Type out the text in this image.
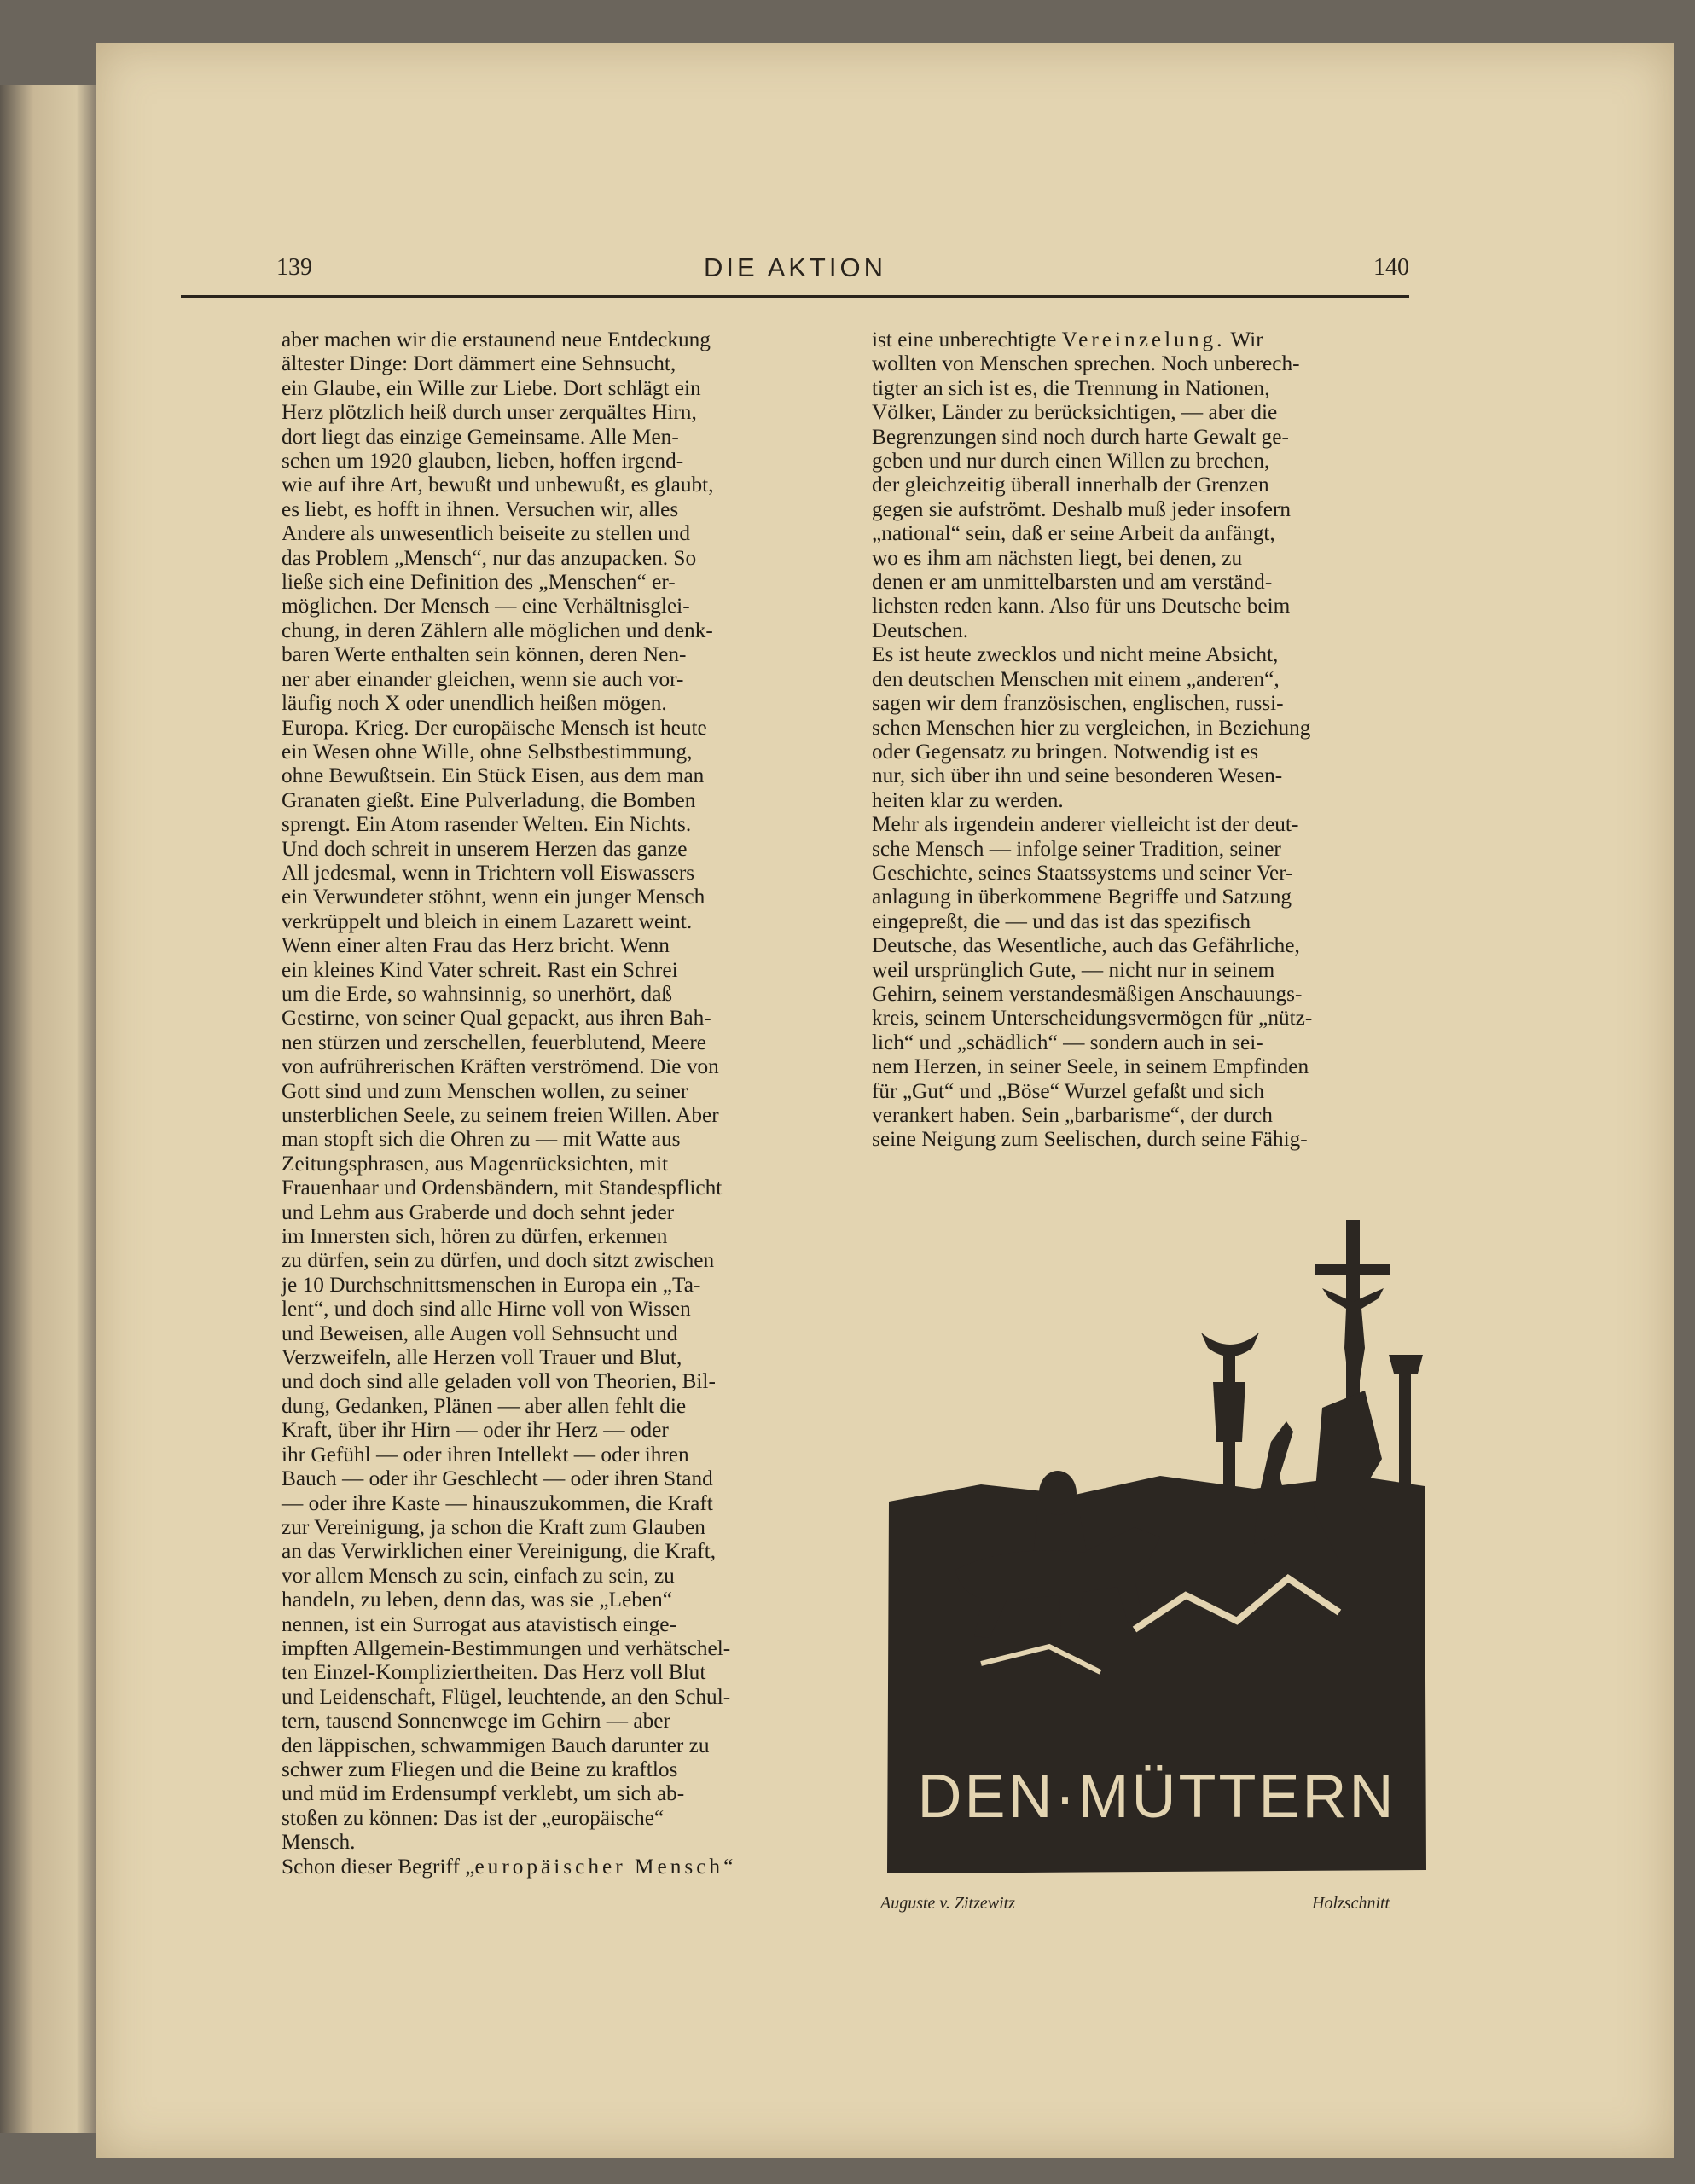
139	DIE AKTION	140
aber machen wir die erstaunend neue Entdeckung
ältester Dinge: Dort dämmert eine Sehnsucht,
ein Glaube, ein Wille zur Liebe. Dort schlägt ein
Herz plötzlich heiß durch unser zerquältes Hirn,
dort liegt das einzige Gemeinsame. Alle Men-
schen um 1920 glauben, lieben, hoffen irgend-
wie auf ihre Art, bewußt und unbewußt, es glaubt,
es liebt, es hofft in ihnen. Versuchen wir, alles
Andere als unwesentlich beiseite zu stellen und
das Problem „Mensch“, nur das anzupacken. So
ließe sich eine Definition des „Menschen“ er-
möglichen. Der Mensch — eine Verhältnisglei-
chung, in deren Zählern alle möglichen und denk-
baren Werte enthalten sein können, deren Nen-
ner aber einander gleichen, wenn sie auch vor-
läufig noch X oder unendlich heißen mögen.
Europa. Krieg. Der europäische Mensch ist heute
ein Wesen ohne Wille, ohne Selbstbestimmung,
ohne Bewußtsein. Ein Stück Eisen, aus dem man
Granaten gießt. Eine Pulverladung, die Bomben
sprengt. Ein Atom rasender Welten. Ein Nichts.
Und doch schreit in unserem Herzen das ganze
All jedesmal, wenn in Trichtern voll Eiswassers
ein Verwundeter stöhnt, wenn ein junger Mensch
verkrüppelt und bleich in einem Lazarett weint.
Wenn einer alten Frau das Herz bricht. Wenn
ein kleines Kind Vater schreit. Rast ein Schrei
um die Erde, so wahnsinnig, so unerhört, daß
Gestirne, von seiner Qual gepackt, aus ihren Bah-
nen stürzen und zerschellen, feuerblutend, Meere
von aufrührerischen Kräften verströmend. Die von
Gott sind und zum Menschen wollen, zu seiner
unsterblichen Seele, zu seinem freien Willen. Aber
man stopft sich die Ohren zu — mit Watte aus
Zeitungsphrasen, aus Magenrücksichten, mit
Frauenhaar und Ordensbändern, mit Standespflicht
und Lehm aus Graberde und doch sehnt jeder
im Innersten sich, hören zu dürfen, erkennen
zu dürfen, sein zu dürfen, und doch sitzt zwischen
je 10 Durchschnittsmenschen in Europa ein „Ta-
lent“, und doch sind alle Hirne voll von Wissen
und Beweisen, alle Augen voll Sehnsucht und
Verzweifeln, alle Herzen voll Trauer und Blut,
und doch sind alle geladen voll von Theorien, Bil-
dung, Gedanken, Plänen — aber allen fehlt die
Kraft, über ihr Hirn — oder ihr Herz — oder
ihr Gefühl — oder ihren Intellekt — oder ihren
Bauch — oder ihr Geschlecht — oder ihren Stand
— oder ihre Kaste — hinauszukommen, die Kraft
zur Vereinigung, ja schon die Kraft zum Glauben
an das Verwirklichen einer Vereinigung, die Kraft,
vor allem Mensch zu sein, einfach zu sein, zu
handeln, zu leben, denn das, was sie „Leben“
nennen, ist ein Surrogat aus atavistisch einge-
impften Allgemein-Bestimmungen und verhätschel-
ten Einzel-Kompliziertheiten. Das Herz voll Blut
und Leidenschaft, Flügel, leuchtende, an den Schul-
tern, tausend Sonnenwege im Gehirn — aber
den läppischen, schwammigen Bauch darunter zu
schwer zum Fliegen und die Beine zu kraftlos
und müd im Erdensumpf verklebt, um sich ab-
stoßen zu können: Das ist der „europäische“
Mensch.
Schon dieser Begriff „europäischer Mensch“
ist eine unberechtigte Vereinzelung. Wir
wollten von Menschen sprechen. Noch unberech-
tigter an sich ist es, die Trennung in Nationen,
Völker, Länder zu berücksichtigen, — aber die
Begrenzungen sind noch durch harte Gewalt ge-
geben und nur durch einen Willen zu brechen,
der gleichzeitig überall innerhalb der Grenzen
gegen sie aufströmt. Deshalb muß jeder insofern
„national“ sein, daß er seine Arbeit da anfängt,
wo es ihm am nächsten liegt, bei denen, zu
denen er am unmittelbarsten und am verständ-
lichsten reden kann. Also für uns Deutsche beim
Deutschen.
Es ist heute zwecklos und nicht meine Absicht,
den deutschen Menschen mit einem „anderen“,
sagen wir dem französischen, englischen, russi-
schen Menschen hier zu vergleichen, in Beziehung
oder Gegensatz zu bringen. Notwendig ist es
nur, sich über ihn und seine besonderen Wesen-
heiten klar zu werden.
Mehr als irgendein anderer vielleicht ist der deut-
sche Mensch — infolge seiner Tradition, seiner
Geschichte, seines Staatssystems und seiner Ver-
anlagung in überkommene Begriffe und Satzung
eingepreßt, die — und das ist das spezifisch
Deutsche, das Wesentliche, auch das Gefährliche,
weil ursprünglich Gute, — nicht nur in seinem
Gehirn, seinem verstandesmäßigen Anschauungs-
kreis, seinem Unterscheidungsvermögen für „nütz-
lich“ und „schädlich“ — sondern auch in sei-
nem Herzen, in seiner Seele, in seinem Empfinden
für „Gut“ und „Böse“ Wurzel gefaßt und sich
verankert haben. Sein „barbarisme“, der durch
seine Neigung zum Seelischen, durch seine Fähig-
DEN·MÜTTERN
Auguste v. Zitzewitz	Holzschnitt
